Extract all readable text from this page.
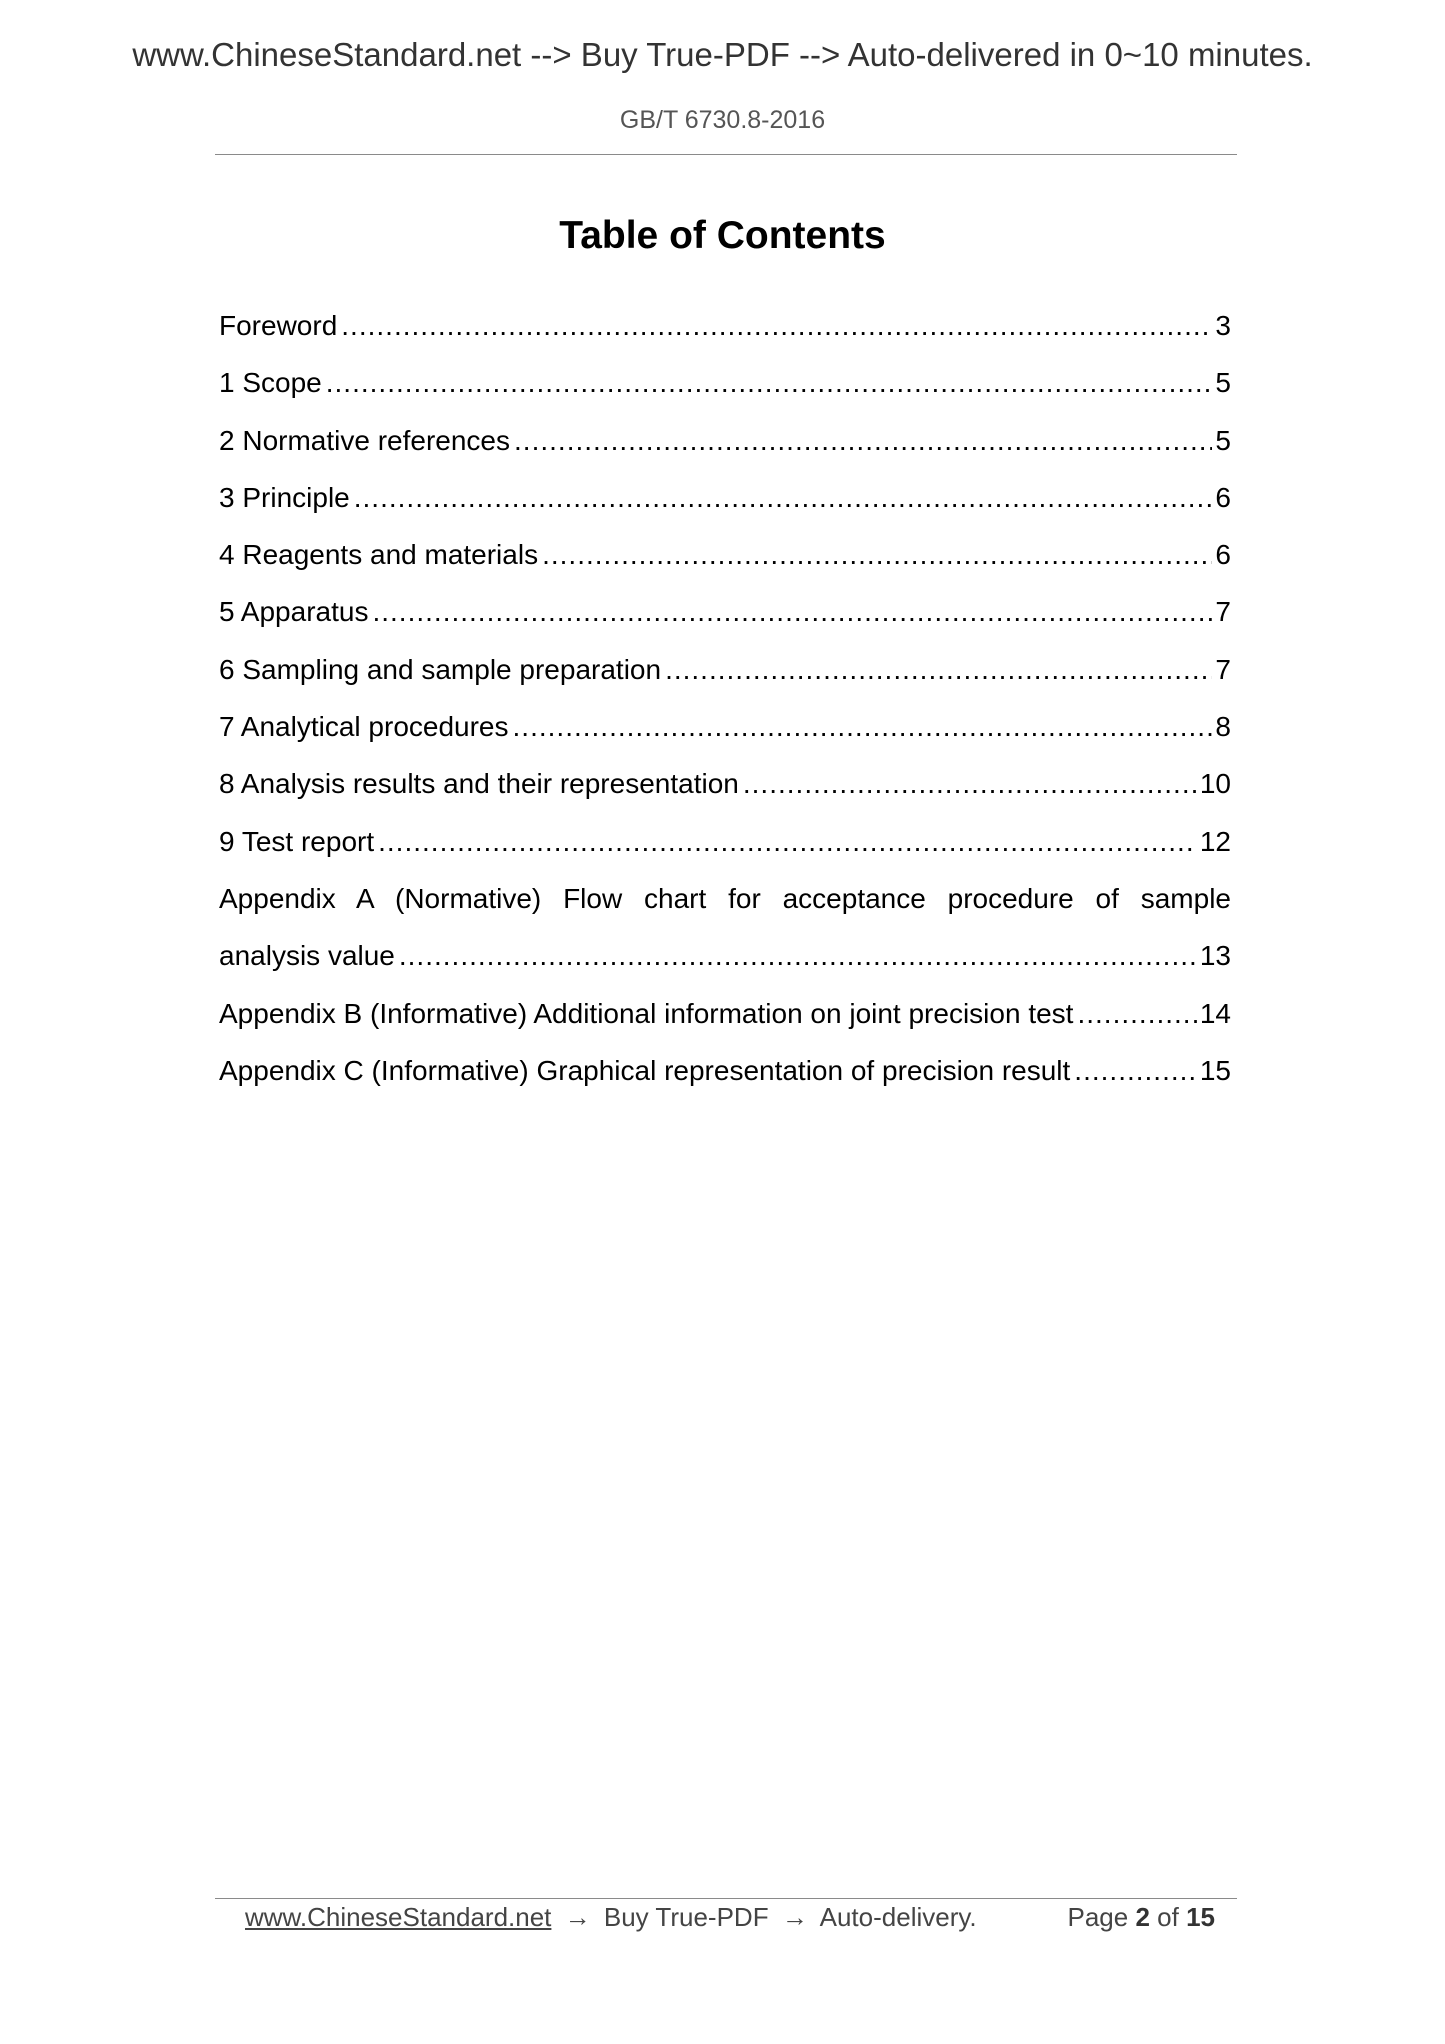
www.ChineseStandard.net --> Buy True-PDF --> Auto-delivered in 0~10 minutes.
GB/T 6730.8-2016
Table of Contents
Foreword .....	3
1 Scope .....	5
2 Normative references .....	5
3 Principle .....	6
4 Reagents and materials .....	6
5 Apparatus .....	7
6 Sampling and sample preparation .....	7
7 Analytical procedures .....	8
8 Analysis results and their representation .....	10
9 Test report .....	12
Appendix A (Normative) Flow chart for acceptance procedure of sample
analysis value .....	13
Appendix B (Informative) Additional information on joint precision test .....	14
Appendix C (Informative) Graphical representation of precision result .....	15
www.ChineseStandard.net → Buy True-PDF → Auto-delivery.	Page 2 of 15
